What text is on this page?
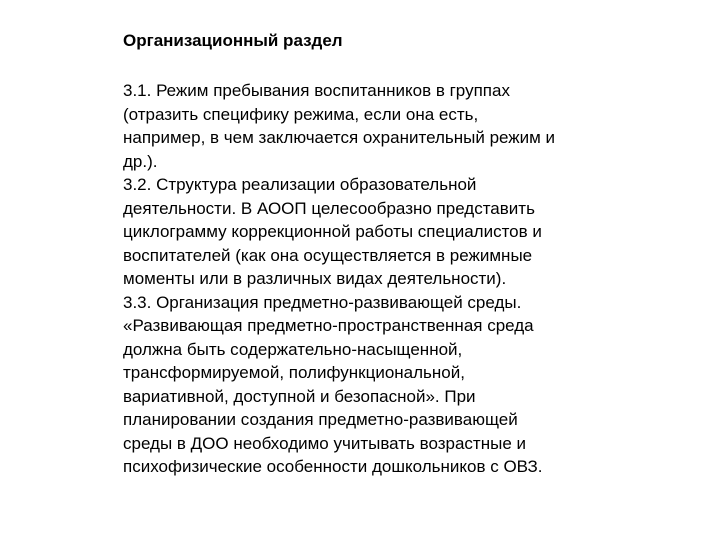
Организационный раздел
3.1. Режим пребывания воспитанников в группах
(отразить специфику режима, если она есть,
например, в чем заключается охранительный режим и
др.).
3.2. Структура реализации образовательной
деятельности. В АООП целесообразно представить
циклограмму коррекционной работы специалистов и
воспитателей (как она осуществляется в режимные
моменты или в различных видах деятельности).
3.3. Организация предметно-развивающей среды.
«Развивающая предметно-пространственная среда
должна быть содержательно-насыщенной,
трансформируемой, полифункциональной,
вариативной, доступной и безопасной». При
планировании создания предметно-развивающей
среды в ДОО необходимо учитывать возрастные и
психофизические особенности дошкольников с ОВЗ.
